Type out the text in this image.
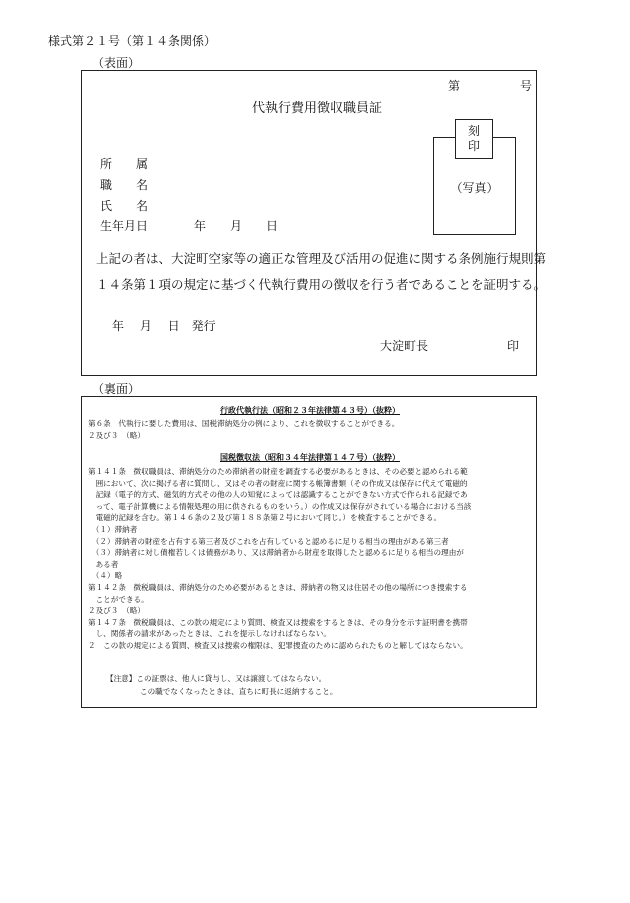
様式第２１号（第１４条関係）
（表面）
第	号
代執行費用徴収職員証
（写真）
刻
印
所　　属
職　　名
氏　　名
生年月日	年 月 日
上記の者は、大淀町空家等の適正な管理及び活用の促進に関する条例施行規則第
１４条第１項の規定に基づく代執行費用の徴収を行う者であることを証明する。
年　 月　 日　発行
大淀町長	印
（裏面）
行政代執行法（昭和２３年法律第４３号）（抜粋）
第６条　代執行に要した費用は、国税滞納処分の例により、これを徴収することができる。
２及び３　（略）
国税徴収法（昭和３４年法律第１４７号）（抜粋）
第１４１条　徴収職員は、滞納処分のため滞納者の財産を調査する必要があるときは、その必要と認められる範
　囲において、次に掲げる者に質問し、又はその者の財産に関する帳簿書類（その作成又は保存に代えて電磁的
　記録（電子的方式、磁気的方式その他の人の知覚によっては認識することができない方式で作られる記録であ
　って、電子計算機による情報処理の用に供されるものをいう。）の作成又は保存がされている場合における当該
　電磁的記録を含む。第１４６条の２及び第１８８条第２号において同じ。）を検査することができる。
　（１）滞納者
　（２）滞納者の財産を占有する第三者及びこれを占有していると認めるに足りる相当の理由がある第三者
　（３）滞納者に対し債権若しくは債務があり、又は滞納者から財産を取得したと認めるに足りる相当の理由が
　ある者
　（４）略
第１４２条　徴税職員は、滞納処分のため必要があるときは、滞納者の物又は住居その他の場所につき捜索する
　ことができる。
２及び３　（略）
第１４７条　徴税職員は、この款の規定により質問、検査又は捜索をするときは、その身分を示す証明書を携帯
　し、関係者の請求があったときは、これを提示しなければならない。
２　この款の規定による質問、検査又は捜索の権限は、犯罪捜査のために認められたものと解してはならない。
【注意】この証票は、他人に貸与し、又は譲渡してはならない。
この職でなくなったときは、直ちに町長に返納すること。
